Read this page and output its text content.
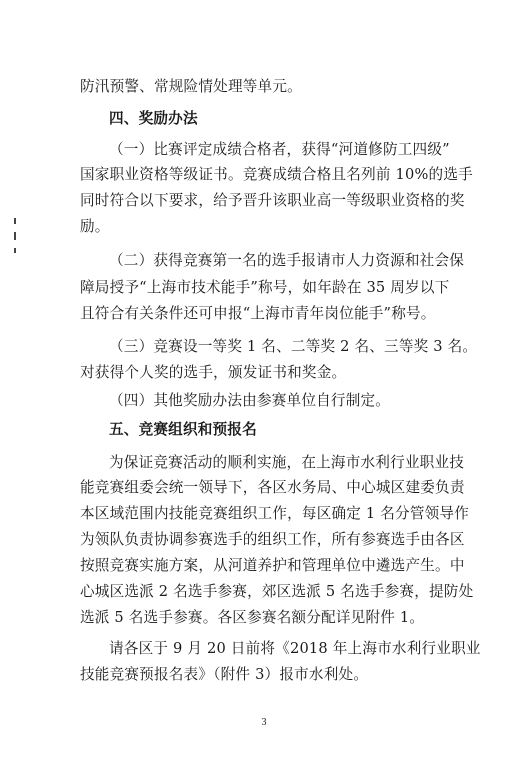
防汛预警、常规险情处理等单元。
四、奖励办法
（一）比赛评定成绩合格者，获得“河道修防工四级”
国家职业资格等级证书。竞赛成绩合格且名列前 10%的选手
同时符合以下要求，给予晋升该职业高一等级职业资格的奖
励。
（二）获得竞赛第一名的选手报请市人力资源和社会保
障局授予“上海市技术能手”称号，如年龄在 35 周岁以下
且符合有关条件还可申报“上海市青年岗位能手”称号。
（三）竞赛设一等奖 1 名、二等奖 2 名、三等奖 3 名。
对获得个人奖的选手，颁发证书和奖金。
（四）其他奖励办法由参赛单位自行制定。
五、竞赛组织和预报名
为保证竞赛活动的顺利实施，在上海市水利行业职业技
能竞赛组委会统一领导下，各区水务局、中心城区建委负责
本区域范围内技能竞赛组织工作，每区确定 1 名分管领导作
为领队负责协调参赛选手的组织工作，所有参赛选手由各区
按照竞赛实施方案，从河道养护和管理单位中遴选产生。中
心城区选派 2 名选手参赛，郊区选派 5 名选手参赛，提防处
选派 5 名选手参赛。各区参赛名额分配详见附件 1。
请各区于 9 月 20 日前将《2018 年上海市水利行业职业
技能竞赛预报名表》（附件 3）报市水利处。
3
